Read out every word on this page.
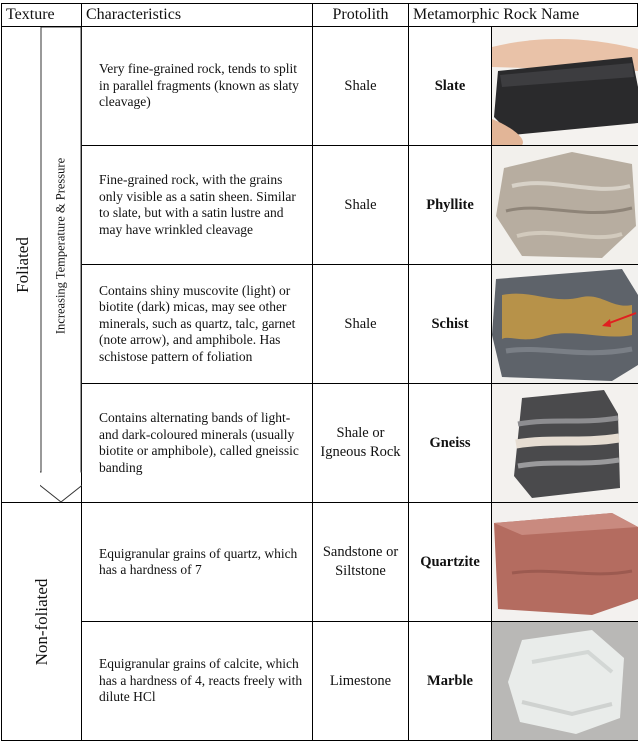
Texture	Characteristics	Protolith	Metamorphic Rock Name	

Foliated Increasing Temperature & Pressure	Very fine-grained rock, tends to split in parallel fragments (known as slaty cleavage)	Shale	Slate	

	Fine-grained rock, with the grains only visible as a satin sheen. Similar to slate, but with a satin lustre and may have wrinkled cleavage	Shale	Phyllite	

	Contains shiny muscovite (light) or biotite (dark) micas, may see other minerals, such as quartz, talc, garnet (note arrow), and amphibole. Has schistose pattern of foliation	Shale	Schist	

	Contains alternating bands of light- and dark-coloured minerals (usually biotite or amphibole), called gneissic banding	Shale or Igneous Rock	Gneiss	

Non-foliated	Equigranular grains of quartz, which has a hardness of 7	Sandstone or Siltstone	Quartzite	

	Equigranular grains of calcite, which has a hardness of 4, reacts freely with dilute HCl	Limestone	Marble	
